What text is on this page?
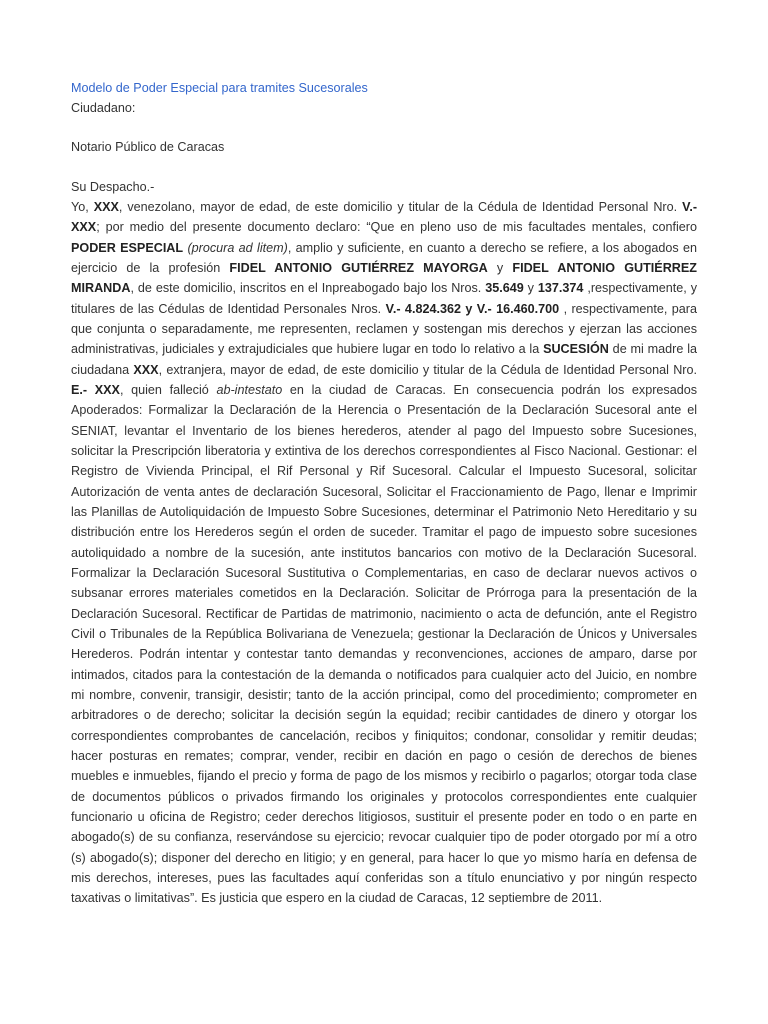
Modelo de Poder Especial para tramites Sucesorales
Ciudadano:
Notario Público de Caracas
Su Despacho.-

Yo, XXX, venezolano, mayor de edad, de este domicilio y titular de la Cédula de Identidad Personal Nro. V.- XXX; por medio del presente documento declaro: “Que en pleno uso de mis facultades mentales, confiero PODER ESPECIAL (procura ad litem), amplio y suficiente, en cuanto a derecho se refiere, a los abogados en ejercicio de la profesión FIDEL ANTONIO GUTIÉRREZ MAYORGA y FIDEL ANTONIO GUTIÉRREZ MIRANDA, de este domicilio, inscritos en el Inpreabogado bajo los Nros. 35.649 y 137.374 ,respectivamente, y titulares de las Cédulas de Identidad Personales Nros. V.- 4.824.362 y V.- 16.460.700 , respectivamente, para que conjunta o separadamente, me representen, reclamen y sostengan mis derechos y ejerzan las acciones administrativas, judiciales y extrajudiciales que hubiere lugar en todo lo relativo a la SUCESIÓN de mi madre la ciudadana XXX, extranjera, mayor de edad, de este domicilio y titular de la Cédula de Identidad Personal Nro. E.- XXX, quien falleció ab-intestato en la ciudad de Caracas. En consecuencia podrán los expresados Apoderados: Formalizar la Declaración de la Herencia o Presentación de la Declaración Sucesoral ante el SENIAT, levantar el Inventario de los bienes herederos, atender al pago del Impuesto sobre Sucesiones, solicitar la Prescripción liberatoria y extintiva de los derechos correspondientes al Fisco Nacional. Gestionar: el Registro de Vivienda Principal, el Rif Personal y Rif Sucesoral. Calcular el Impuesto Sucesoral, solicitar Autorización de venta antes de declaración Sucesoral, Solicitar el Fraccionamiento de Pago, llenar e Imprimir las Planillas de Autoliquidación de Impuesto Sobre Sucesiones, determinar el Patrimonio Neto Hereditario y su distribución entre los Herederos según el orden de suceder. Tramitar el pago de impuesto sobre sucesiones autoliquidado a nombre de la sucesión, ante institutos bancarios con motivo de la Declaración Sucesoral. Formalizar la Declaración Sucesoral Sustitutiva o Complementarias, en caso de declarar nuevos activos o subsanar errores materiales cometidos en la Declaración. Solicitar de Prórroga para la presentación de la Declaración Sucesoral. Rectificar de Partidas de matrimonio, nacimiento o acta de defunción, ante el Registro Civil o Tribunales de la República Bolivariana de Venezuela; gestionar la Declaración de Únicos y Universales Herederos. Podrán intentar y contestar tanto demandas y reconvenciones, acciones de amparo, darse por intimados, citados para la contestación de la demanda o notificados para cualquier acto del Juicio, en nombre mi nombre, convenir, transigir, desistir; tanto de la acción principal, como del procedimiento; comprometer en arbitradores o de derecho; solicitar la decisión según la equidad; recibir cantidades de dinero y otorgar los correspondientes comprobantes de cancelación, recibos y finiquitos; condonar, consolidar y remitir deudas; hacer posturas en remates; comprar, vender, recibir en dación en pago o cesión de derechos de bienes muebles e inmuebles, fijando el precio y forma de pago de los mismos y recibirlo o pagarlos; otorgar toda clase de documentos públicos o privados firmando los originales y protocolos correspondientes ente cualquier funcionario u oficina de Registro; ceder derechos litigiosos, sustituir el presente poder en todo o en parte en abogado(s) de su confianza, reservándose su ejercicio; revocar cualquier tipo de poder otorgado por mí a otro (s) abogado(s); disponer del derecho en litigio; y en general, para hacer lo que yo mismo haría en defensa de mis derechos, intereses, pues las facultades aquí conferidas son a título enunciativo y por ningún respecto taxativas o limitativas”. Es justicia que espero en la ciudad de Caracas, 12 septiembre de 2011.
